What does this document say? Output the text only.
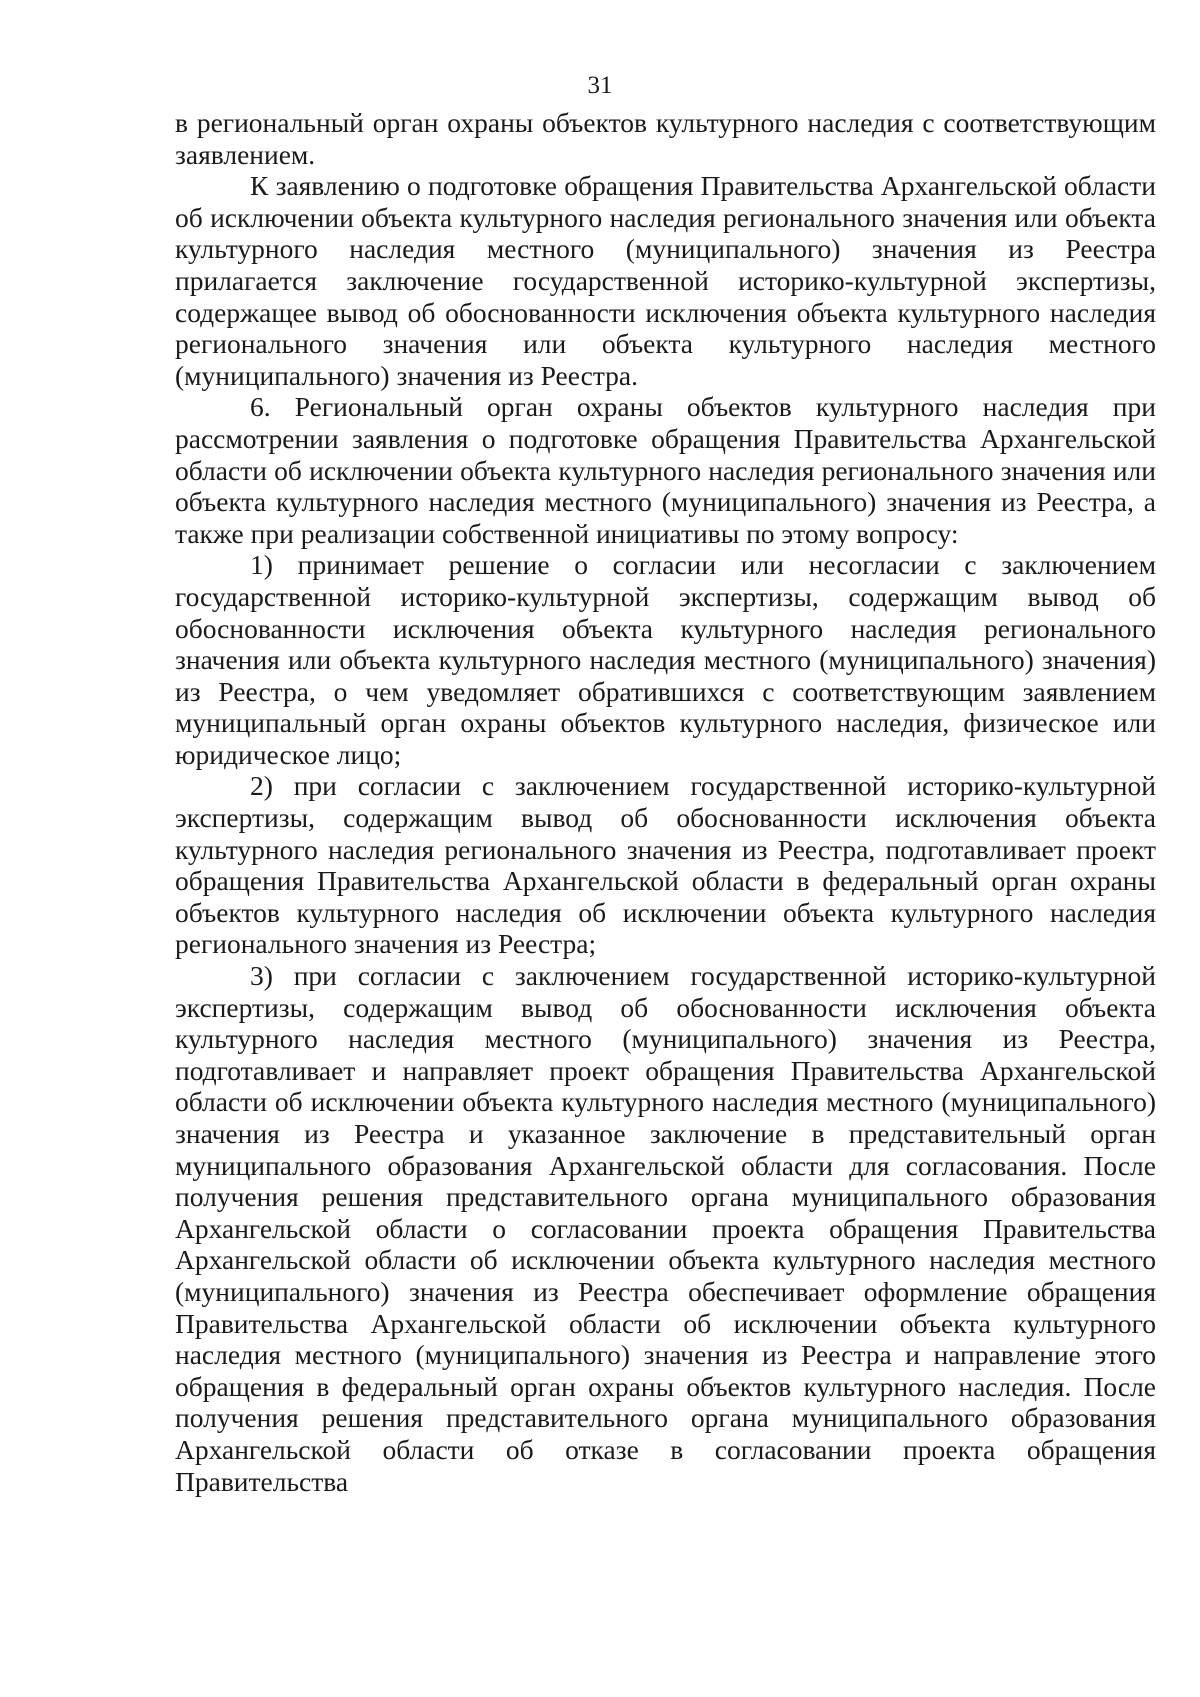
31

в региональный орган охраны объектов культурного наследия с соответствующим заявлением.

К заявлению о подготовке обращения Правительства Архангельской области об исключении объекта культурного наследия регионального значения или объекта культурного наследия местного (муниципального) значения из Реестра прилагается заключение государственной историко-культурной экспертизы, содержащее вывод об обоснованности исключения объекта культурного наследия регионального значения или объекта культурного наследия местного (муниципального) значения из Реестра.

6. Региональный орган охраны объектов культурного наследия при рассмотрении заявления о подготовке обращения Правительства Архангельской области об исключении объекта культурного наследия регионального значения или объекта культурного наследия местного (муниципального) значения из Реестра, а также при реализации собственной инициативы по этому вопросу:

1) принимает решение о согласии или несогласии с заключением государственной историко-культурной экспертизы, содержащим вывод об обоснованности исключения объекта культурного наследия регионального значения или объекта культурного наследия местного (муниципального) значения) из Реестра, о чем уведомляет обратившихся с соответствующим заявлением муниципальный орган охраны объектов культурного наследия, физическое или юридическое лицо;

2) при согласии с заключением государственной историко-культурной экспертизы, содержащим вывод об обоснованности исключения объекта культурного наследия регионального значения из Реестра, подготавливает проект обращения Правительства Архангельской области в федеральный орган охраны объектов культурного наследия об исключении объекта культурного наследия регионального значения из Реестра;

3) при согласии с заключением государственной историко-культурной экспертизы, содержащим вывод об обоснованности исключения объекта культурного наследия местного (муниципального) значения из Реестра, подготавливает и направляет проект обращения Правительства Архангельской области об исключении объекта культурного наследия местного (муниципального) значения из Реестра и указанное заключение в представительный орган муниципального образования Архангельской области для согласования. После получения решения представительного органа муниципального образования Архангельской области о согласовании проекта обращения Правительства Архангельской области об исключении объекта культурного наследия местного (муниципального) значения из Реестра обеспечивает оформление обращения Правительства Архангельской области об исключении объекта культурного наследия местного (муниципального) значения из Реестра и направление этого обращения в федеральный орган охраны объектов культурного наследия. После получения решения представительного органа муниципального образования Архангельской области об отказе в согласовании проекта обращения Правительства
